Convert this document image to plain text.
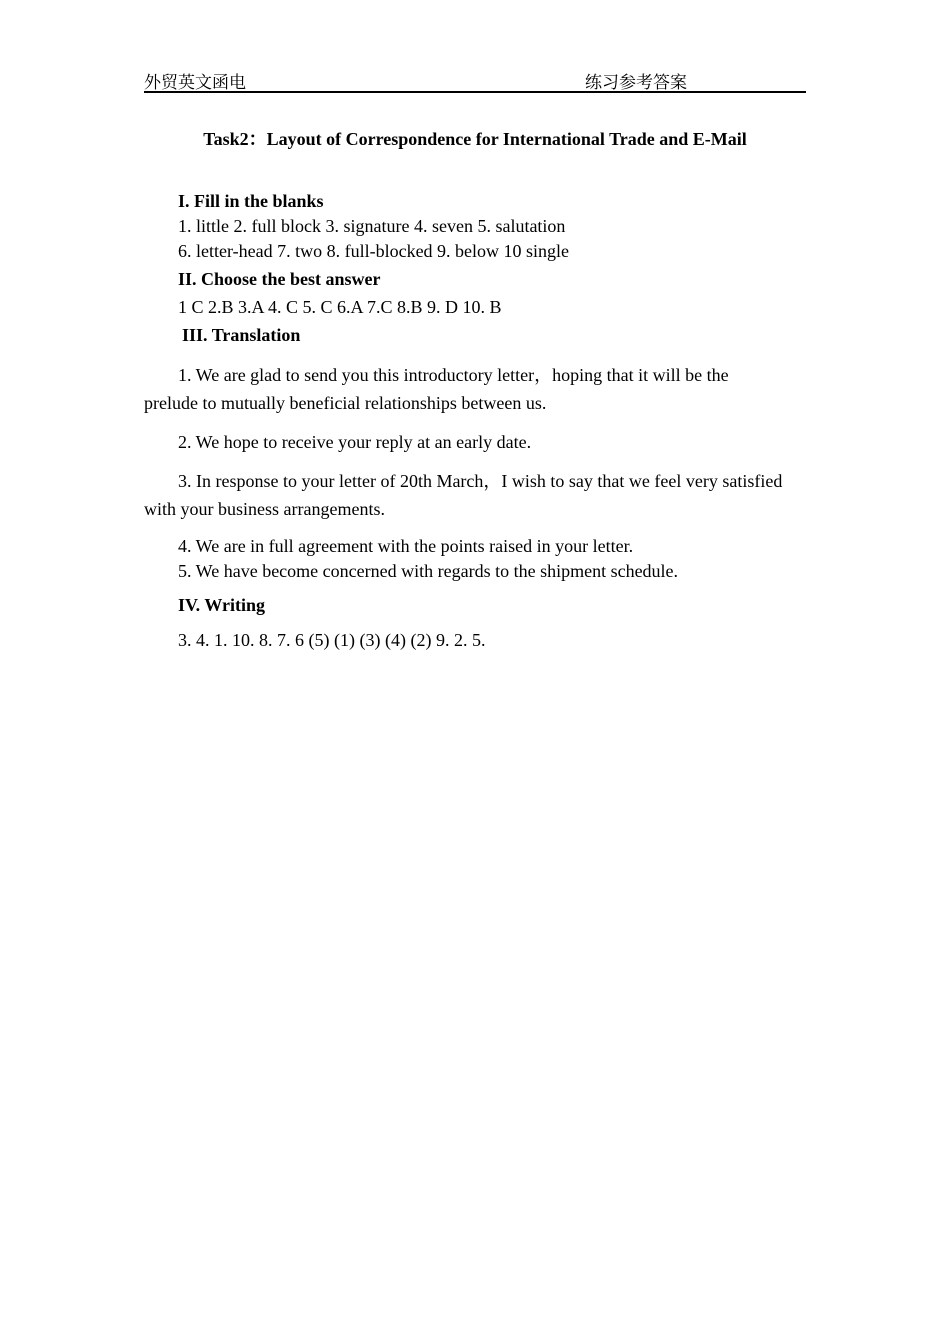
外贸英文函电	练习参考答案
Task2：Layout of Correspondence for International Trade and E-Mail
I. Fill in the blanks
1. little 2. full block 3. signature 4. seven 5. salutation
6. letter-head 7. two 8. full-blocked 9. below 10 single
II. Choose the best answer
1 C 2.B 3.A 4. C 5. C 6.A 7.C 8.B 9. D 10. B
III. Translation
1. We are glad to send you this introductory letter，hoping that it will be the prelude to mutually beneficial relationships between us.
2. We hope to receive your reply at an early date.
3. In response to your letter of 20th March，I wish to say that we feel very satisfied with your business arrangements.
4. We are in full agreement with the points raised in your letter.
5. We have become concerned with regards to the shipment schedule.
IV. Writing
3. 4. 1. 10. 8. 7. 6 (5) (1) (3) (4) (2) 9. 2. 5.
